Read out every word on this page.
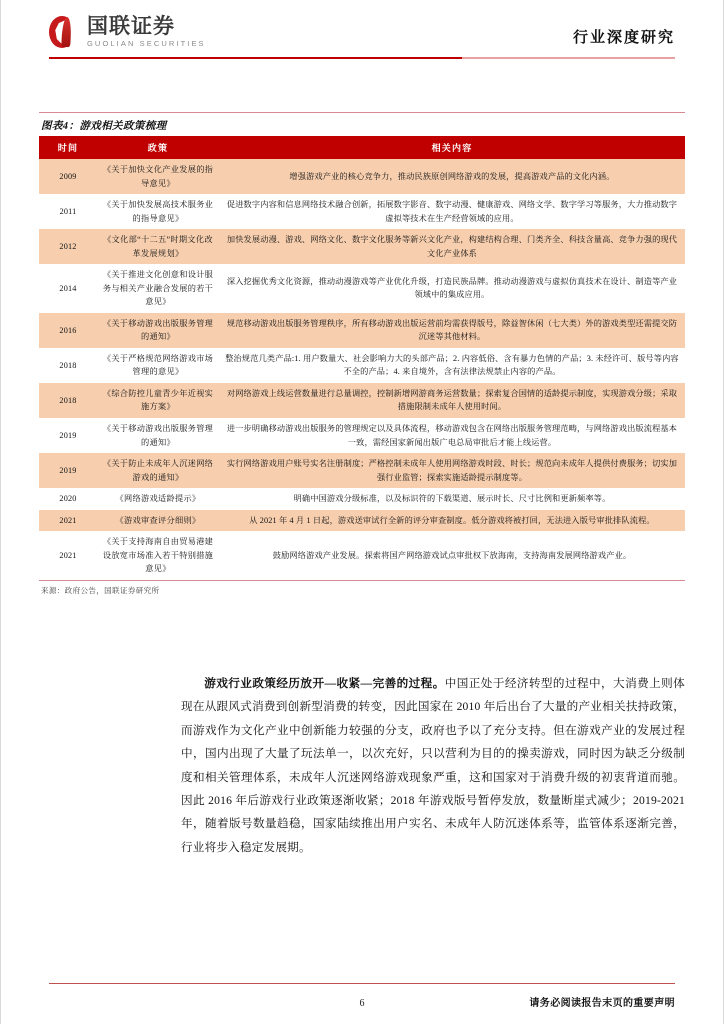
国联证券
GUOLIAN SECURITIES	行业深度研究
图表4：游戏相关政策梳理
时间	政策	相关内容
2009	《关于加快文化产业发展的指导意见》	增强游戏产业的核心竞争力，推动民族原创网络游戏的发展，提高游戏产品的文化内涵。
2011	《关于加快发展高技术服务业的指导意见》	促进数字内容和信息网络技术融合创新，拓展数字影音、数字动漫、健康游戏、网络文学、数字学习等服务，大力推动数字虚拟等技术在生产经营领域的应用。
2012	《文化部“十二五”时期文化改革发展规划》	加快发展动漫、游戏、网络文化、数字文化服务等新兴文化产业，构建结构合理、门类齐全、科技含量高、竞争力强的现代文化产业体系
2014	《关于推进文化创意和设计服务与相关产业融合发展的若干意见》	深入挖掘优秀文化资源，推动动漫游戏等产业优化升级，打造民族品牌。推动动漫游戏与虚拟仿真技术在设计、制造等产业领域中的集成应用。
2016	《关于移动游戏出版服务管理的通知》	规范移动游戏出版服务管理秩序，所有移动游戏出版运营前均需获得版号，除益智休闲（七大类）外的游戏类型还需提交防沉迷等其他材料。
2018	《关于严格规范网络游戏市场管理的意见》	整治规范几类产品:1. 用户数量大、社会影响力大的头部产品；2. 内容低俗、含有暴力色情的产品；3. 未经许可、版号等内容不全的产品；4. 来自境外，含有法律法规禁止内容的产品。
2018	《综合防控儿童青少年近视实施方案》	对网络游戏上线运营数量进行总量调控，控制新增网游商务运营数量；探索复合国情的适龄提示制度，实现游戏分级；采取措施限制未成年人使用时间。
2019	《关于移动游戏出版服务管理的通知》	进一步明确移动游戏出版服务的管理规定以及具体流程，移动游戏包含在网络出版服务管理范畴，与网络游戏出版流程基本一致，需经国家新闻出版广电总局审批后才能上线运营。
2019	《关于防止未成年人沉迷网络游戏的通知》	实行网络游戏用户账号实名注册制度；严格控制未成年人使用网络游戏时段、时长；规范向未成年人提供付费服务；切实加强行业监管；探索实施适龄提示制度等。
2020	《网络游戏适龄提示》	明确中国游戏分级标准，以及标识符的下载渠道、展示时长、尺寸比例和更新频率等。
2021	《游戏审查评分细则》	从 2021 年 4 月 1 日起，游戏送审试行全新的评分审查制度。低分游戏将被打回，无法进入版号审批排队流程。
2021	《关于支持海南自由贸易港建设放宽市场准入若干特别措施意见》	鼓励网络游戏产业发展。探索将国产网络游戏试点审批权下放海南，支持海南发展网络游戏产业。
来源：政府公告，国联证券研究所
游戏行业政策经历放开—收紧—完善的过程。中国正处于经济转型的过程中，大消费上则体现在从跟风式消费到创新型消费的转变，因此国家在 2010 年后出台了大量的产业相关扶持政策，而游戏作为文化产业中创新能力较强的分支，政府也予以了充分支持。但在游戏产业的发展过程中，国内出现了大量了玩法单一，以次充好，只以营利为目的的操卖游戏，同时因为缺乏分级制度和相关管理体系，未成年人沉迷网络游戏现象严重，这和国家对于消费升级的初衷背道而驰。因此 2016 年后游戏行业政策逐渐收紧；2018 年游戏版号暂停发放，数量断崖式减少；2019-2021 年，随着版号数量趋稳，国家陆续推出用户实名、未成年人防沉迷体系等，监管体系逐渐完善，行业将步入稳定发展期。
6	请务必阅读报告末页的重要声明
